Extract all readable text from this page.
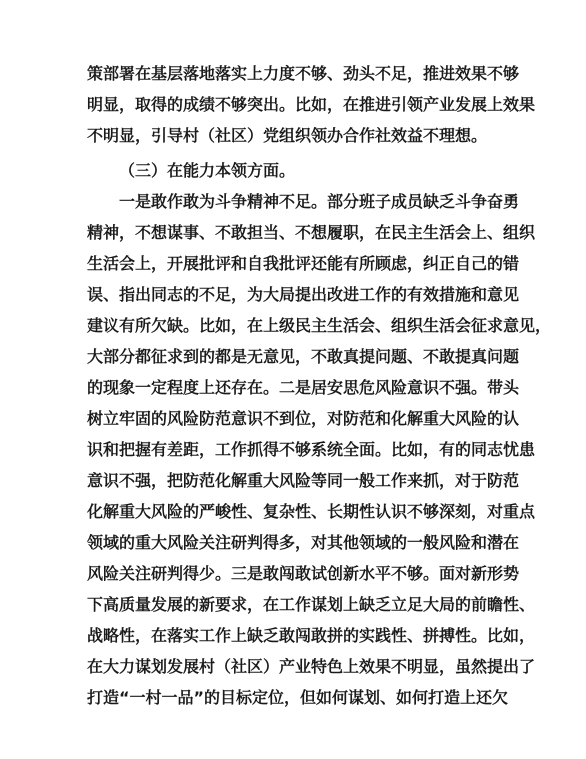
策部署在基层落地落实上力度不够、劲头不足，推进效果不够
明显，取得的成绩不够突出。比如，在推进引领产业发展上效果
不明显，引导村（社区）党组织领办合作社效益不理想。
（三）在能力本领方面。
一是敢作敢为斗争精神不足。部分班子成员缺乏斗争奋勇
精神，不想谋事、不敢担当、不想履职，在民主生活会上、组织
生活会上，开展批评和自我批评还能有所顾虑，纠正自己的错
误、指出同志的不足，为大局提出改进工作的有效措施和意见
建议有所欠缺。比如，在上级民主生活会、组织生活会征求意见，
大部分都征求到的都是无意见，不敢真提问题、不敢提真问题
的现象一定程度上还存在。二是居安思危风险意识不强。带头
树立牢固的风险防范意识不到位，对防范和化解重大风险的认
识和把握有差距，工作抓得不够系统全面。比如，有的同志忧患
意识不强，把防范化解重大风险等同一般工作来抓，对于防范
化解重大风险的严峻性、复杂性、长期性认识不够深刻，对重点
领域的重大风险关注研判得多，对其他领域的一般风险和潜在
风险关注研判得少。三是敢闯敢试创新水平不够。面对新形势
下高质量发展的新要求，在工作谋划上缺乏立足大局的前瞻性、
战略性，在落实工作上缺乏敢闯敢拼的实践性、拼搏性。比如，
在大力谋划发展村（社区）产业特色上效果不明显，虽然提出了
打造“一村一品”的目标定位，但如何谋划、如何打造上还欠
